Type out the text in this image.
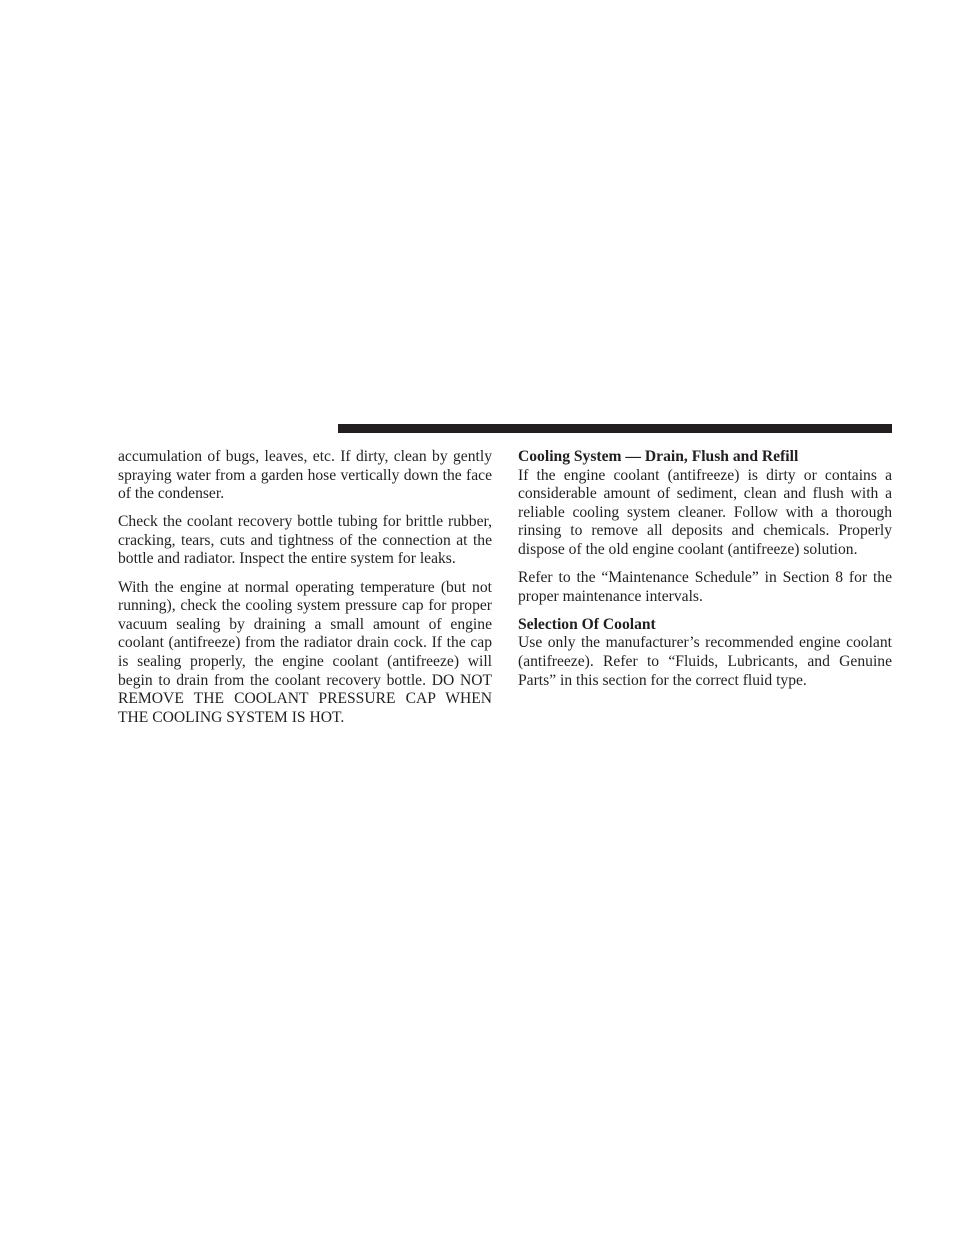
accumulation of bugs, leaves, etc. If dirty, clean by gently spraying water from a garden hose vertically down the face of the condenser.

Check the coolant recovery bottle tubing for brittle rubber, cracking, tears, cuts and tightness of the connection at the bottle and radiator. Inspect the entire system for leaks.

With the engine at normal operating temperature (but not running), check the cooling system pressure cap for proper vacuum sealing by draining a small amount of engine coolant (antifreeze) from the radiator drain cock. If the cap is sealing properly, the engine coolant (antifreeze) will begin to drain from the coolant recovery bottle. DO NOT REMOVE THE COOLANT PRESSURE CAP WHEN THE COOLING SYSTEM IS HOT.

Cooling System — Drain, Flush and Refill

If the engine coolant (antifreeze) is dirty or contains a considerable amount of sediment, clean and flush with a reliable cooling system cleaner. Follow with a thorough rinsing to remove all deposits and chemicals. Properly dispose of the old engine coolant (antifreeze) solution.

Refer to the “Maintenance Schedule” in Section 8 for the proper maintenance intervals.

Selection Of Coolant

Use only the manufacturer’s recommended engine coolant (antifreeze). Refer to “Fluids, Lubricants, and Genuine Parts” in this section for the correct fluid type.
